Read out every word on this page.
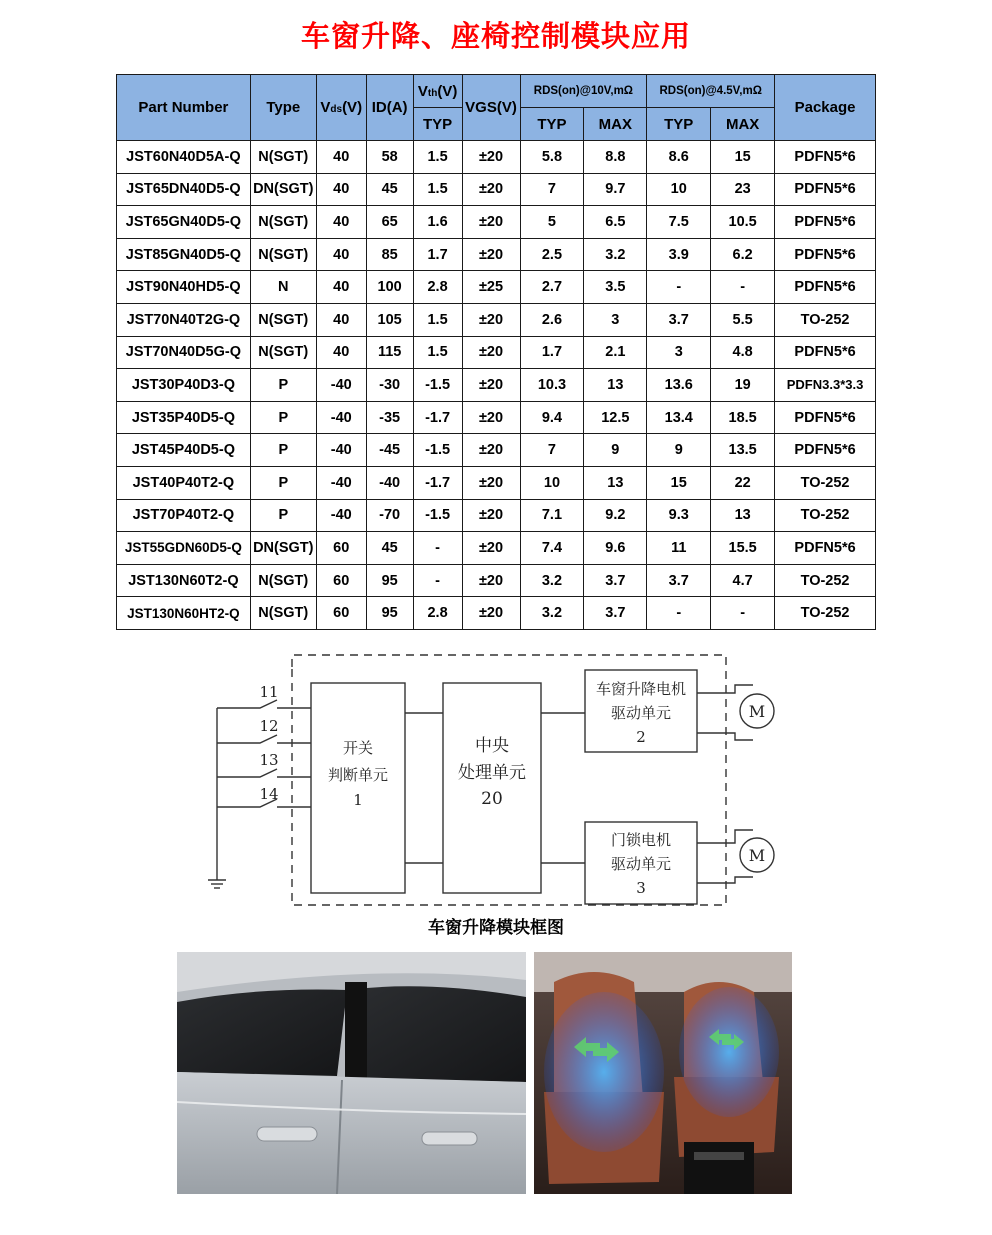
车窗升降、座椅控制模块应用
Part Number	Type	Vds(V)	ID(A)	Vth(V)	VGS(V)	RDS(on)@10V,mΩ		RDS(on)@4.5V,mΩ		Package
				TYP		TYP	MAX	TYP	MAX	
JST60N40D5A-Q	N(SGT)	40	58	1.5	±20	5.8	8.8	8.6	15	PDFN5*6
JST65DN40D5-Q	DN(SGT)	40	45	1.5	±20	7	9.7	10	23	PDFN5*6
JST65GN40D5-Q	N(SGT)	40	65	1.6	±20	5	6.5	7.5	10.5	PDFN5*6
JST85GN40D5-Q	N(SGT)	40	85	1.7	±20	2.5	3.2	3.9	6.2	PDFN5*6
JST90N40HD5-Q	N	40	100	2.8	±25	2.7	3.5	-	-	PDFN5*6
JST70N40T2G-Q	N(SGT)	40	105	1.5	±20	2.6	3	3.7	5.5	TO-252
JST70N40D5G-Q	N(SGT)	40	115	1.5	±20	1.7	2.1	3	4.8	PDFN5*6
JST30P40D3-Q	P	-40	-30	-1.5	±20	10.3	13	13.6	19	PDFN3.3*3.3
JST35P40D5-Q	P	-40	-35	-1.7	±20	9.4	12.5	13.4	18.5	PDFN5*6
JST45P40D5-Q	P	-40	-45	-1.5	±20	7	9	9	13.5	PDFN5*6
JST40P40T2-Q	P	-40	-40	-1.7	±20	10	13	15	22	TO-252
JST70P40T2-Q	P	-40	-70	-1.5	±20	7.1	9.2	9.3	13	TO-252
JST55GDN60D5-Q	DN(SGT)	60	45	-	±20	7.4	9.6	11	15.5	PDFN5*6
JST130N60T2-Q	N(SGT)	60	95	-	±20	3.2	3.7	3.7	4.7	TO-252
JST130N60HT2-Q	N(SGT)	60	95	2.8	±20	3.2	3.7	-	-	TO-252
11
12
13
14
开关
判断单元
1
中央
处理单元
20
车窗升降电机
驱动单元
2
门锁电机
驱动单元
3
M
M
车窗升降模块框图
